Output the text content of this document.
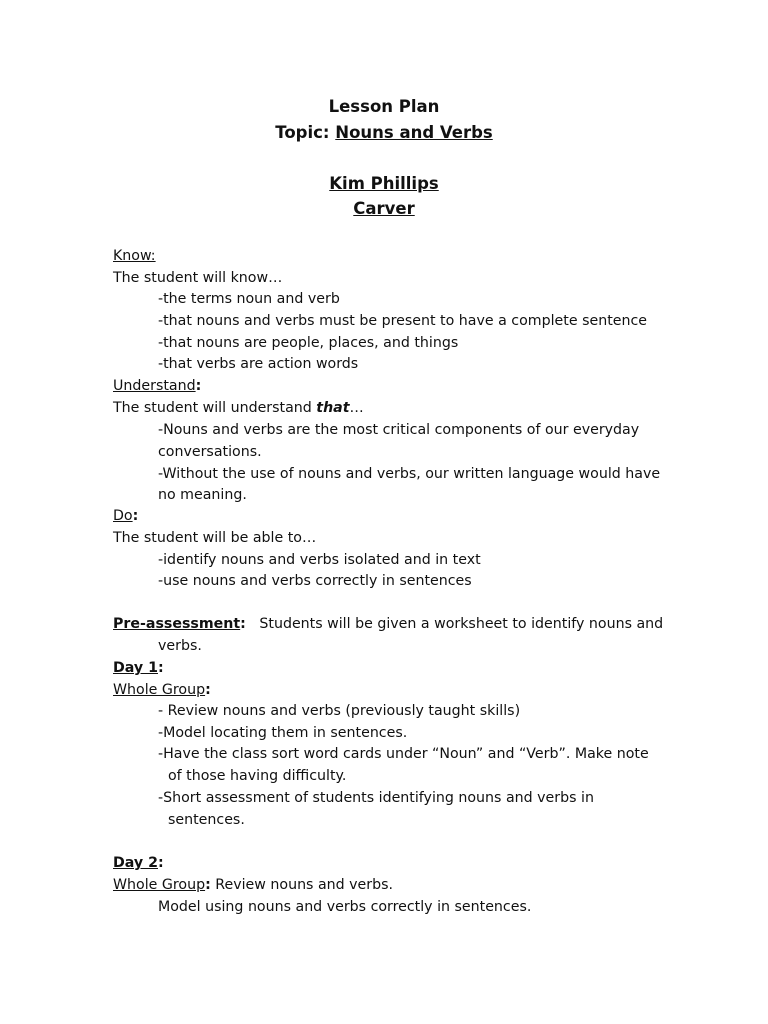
Lesson Plan
Topic: Nouns and Verbs
Kim Phillips
Carver
Know:
The student will know…
-the terms noun and verb
-that nouns and verbs must be present to have a complete sentence
-that nouns are people, places, and things
-that verbs are action words
Understand:
The student will understand that…
-Nouns and verbs are the most critical components of our everyday
conversations.
-Without the use of nouns and verbs, our written language would have
no meaning.
Do:
The student will be able to…
-identify nouns and verbs isolated and in text
-use nouns and verbs correctly in sentences
Pre-assessment:   Students will be given a worksheet to identify nouns and
verbs.
Day 1:
Whole Group:
- Review nouns and verbs (previously taught skills)
-Model locating them in sentences.
-Have the class sort word cards under “Noun” and “Verb”. Make note
of those having difficulty.
-Short assessment of students identifying nouns and verbs in
sentences.
Day 2:
Whole Group: Review nouns and verbs.
Model using nouns and verbs correctly in sentences.
